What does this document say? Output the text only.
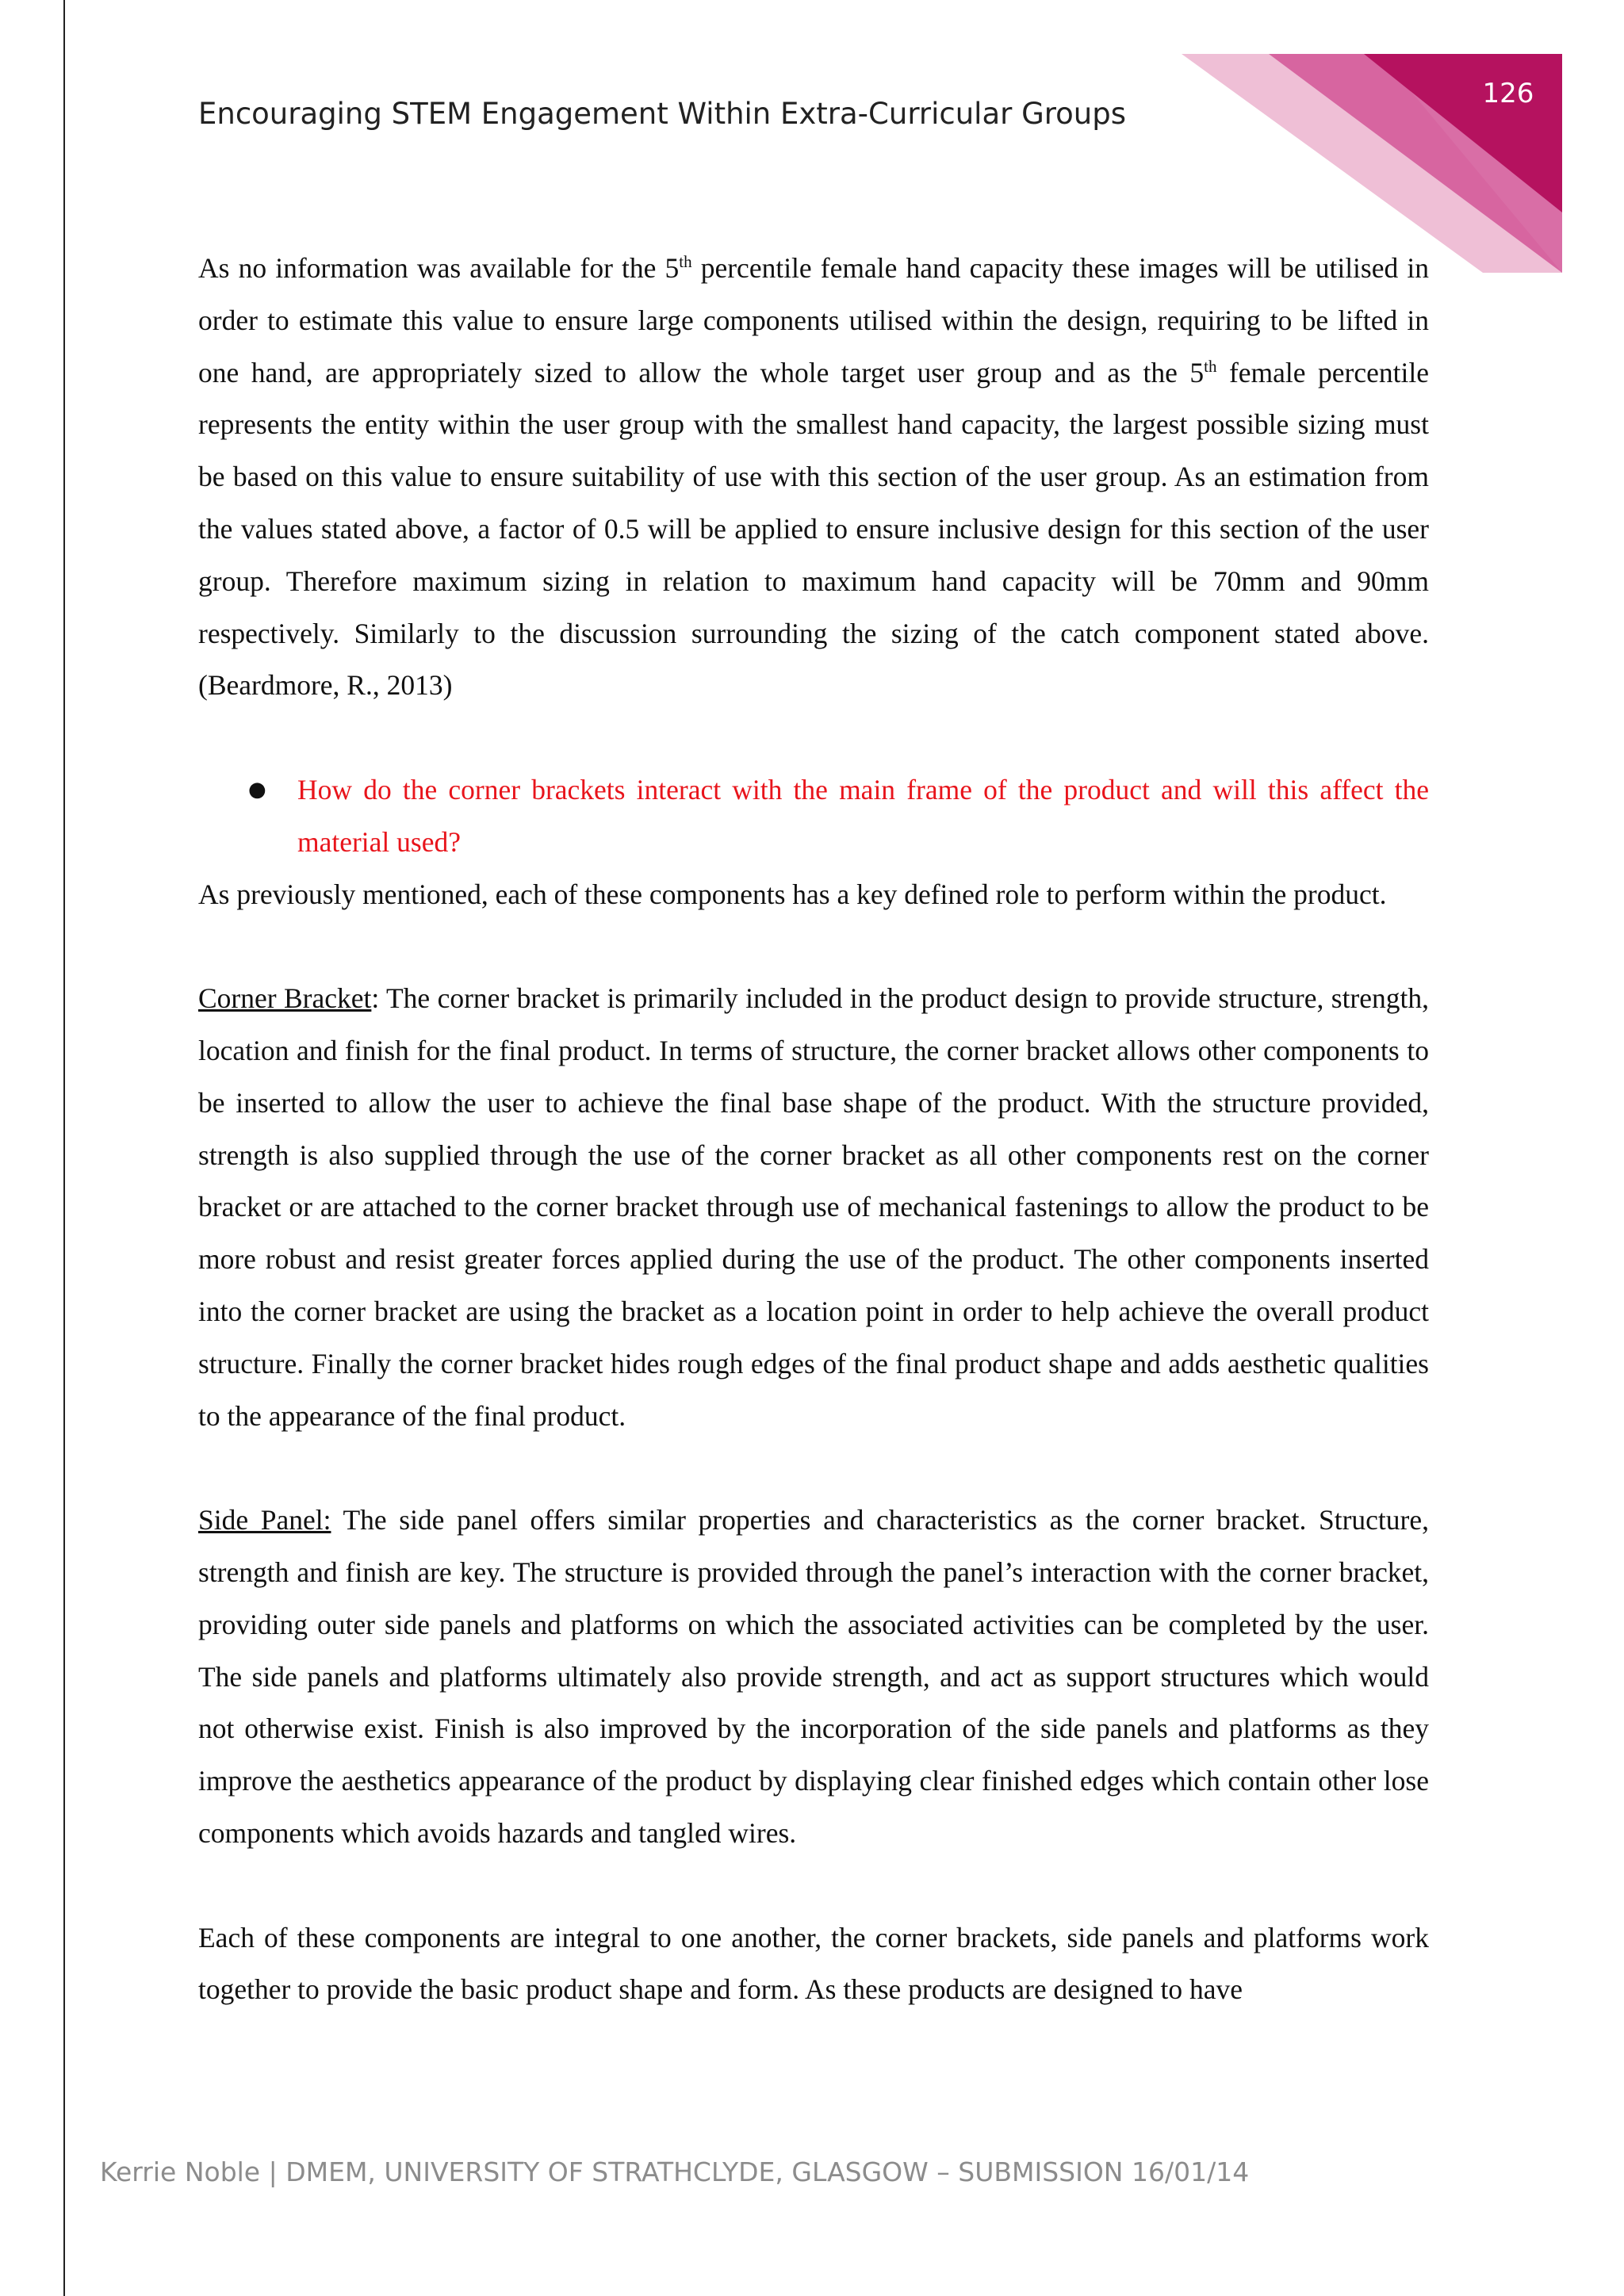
126
Encouraging STEM Engagement Within Extra-Curricular Groups

As no information was available for the 5th percentile female hand capacity these images will be utilised in order to estimate this value to ensure large components utilised within the design, requiring to be lifted in one hand, are appropriately sized to allow the whole target user group and as the 5th female percentile represents the entity within the user group with the smallest hand capacity, the largest possible sizing must be based on this value to ensure suitability of use with this section of the user group. As an estimation from the values stated above, a factor of 0.5 will be applied to ensure inclusive design for this section of the user group. Therefore maximum sizing in relation to maximum hand capacity will be 70mm and 90mm respectively. Similarly to the discussion surrounding the sizing of the catch component stated above. (Beardmore, R., 2013)

● How do the corner brackets interact with the main frame of the product and will this affect the material used?

As previously mentioned, each of these components has a key defined role to perform within the product.

Corner Bracket: The corner bracket is primarily included in the product design to provide structure, strength, location and finish for the final product. In terms of structure, the corner bracket allows other components to be inserted to allow the user to achieve the final base shape of the product. With the structure provided, strength is also supplied through the use of the corner bracket as all other components rest on the corner bracket or are attached to the corner bracket through use of mechanical fastenings to allow the product to be more robust and resist greater forces applied during the use of the product. The other components inserted into the corner bracket are using the bracket as a location point in order to help achieve the overall product structure. Finally the corner bracket hides rough edges of the final product shape and adds aesthetic qualities to the appearance of the final product.

Side Panel: The side panel offers similar properties and characteristics as the corner bracket. Structure, strength and finish are key. The structure is provided through the panel’s interaction with the corner bracket, providing outer side panels and platforms on which the associated activities can be completed by the user. The side panels and platforms ultimately also provide strength, and act as support structures which would not otherwise exist. Finish is also improved by the incorporation of the side panels and platforms as they improve the aesthetics appearance of the product by displaying clear finished edges which contain other lose components which avoids hazards and tangled wires.

Each of these components are integral to one another, the corner brackets, side panels and platforms work together to provide the basic product shape and form. As these products are designed to have

Kerrie Noble | DMEM, UNIVERSITY OF STRATHCLYDE, GLASGOW – SUBMISSION 16/01/14
